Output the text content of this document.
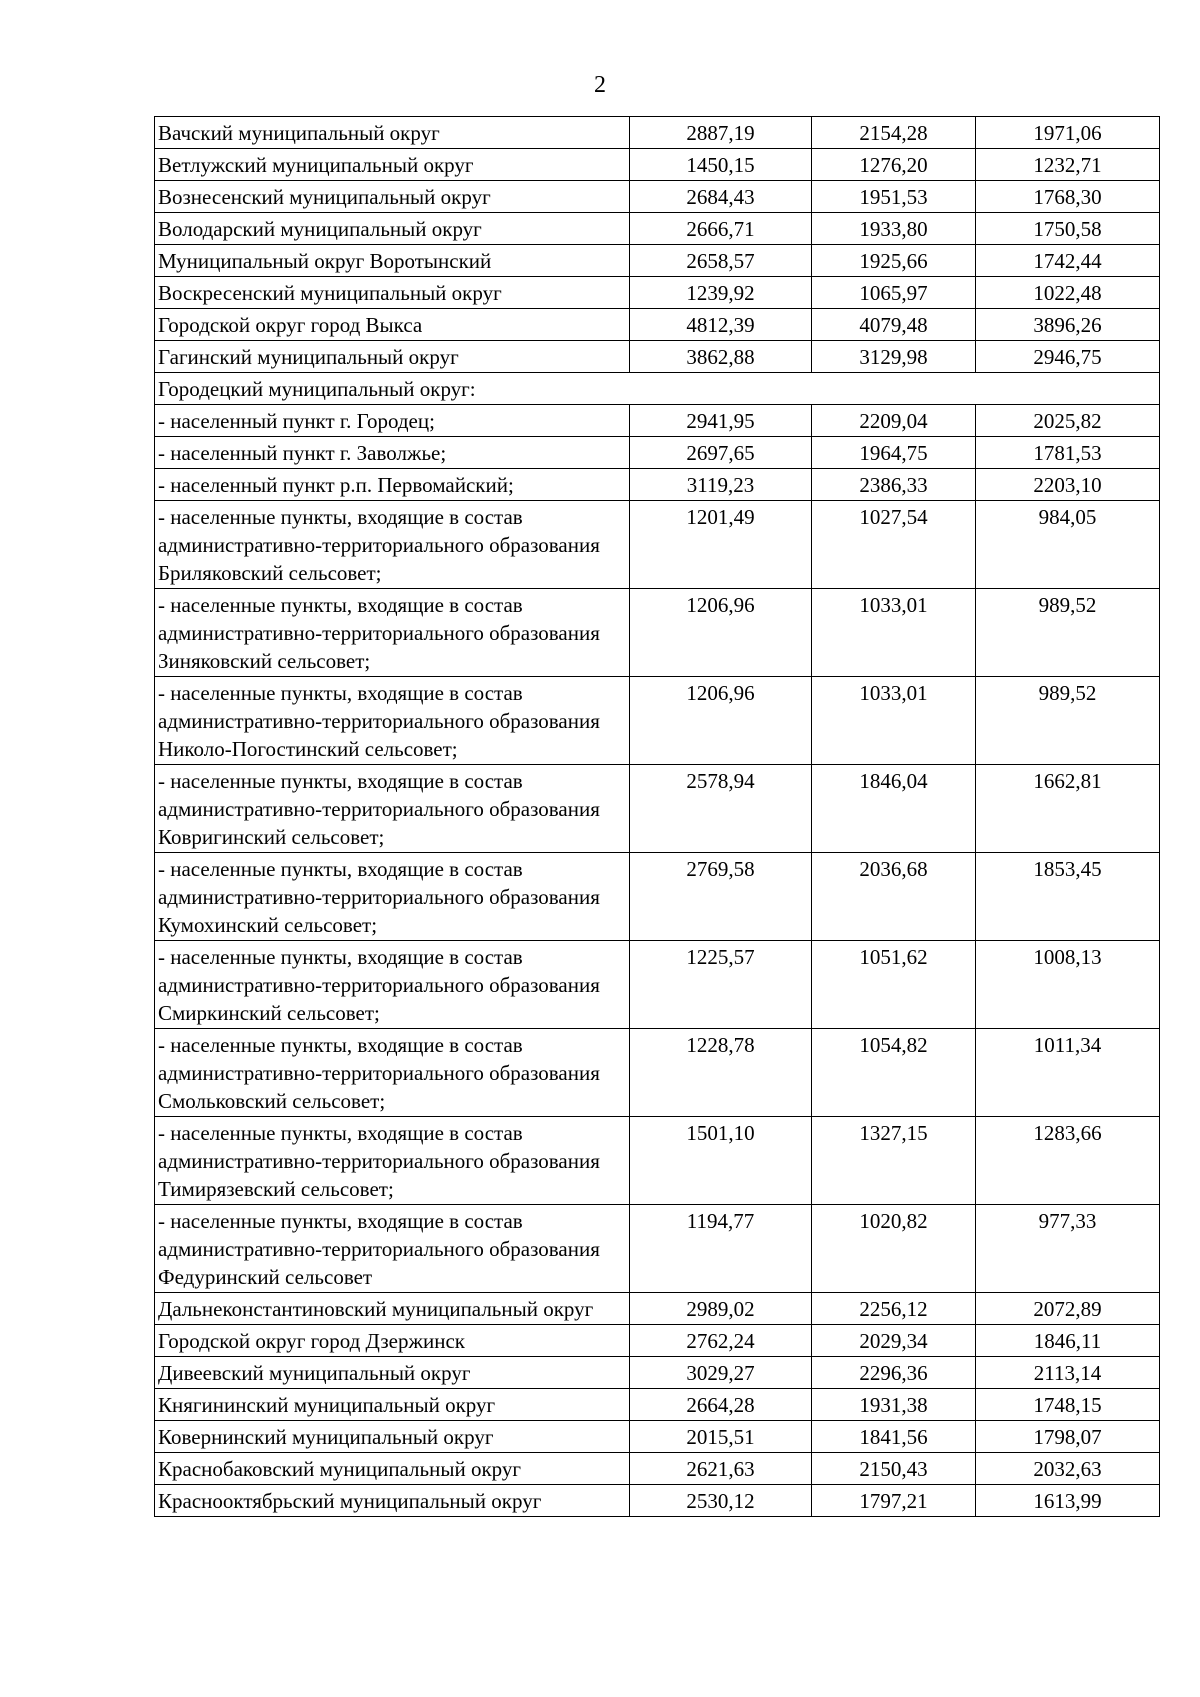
2
Вачский муниципальный округ	2887,19	2154,28	1971,06
Ветлужский муниципальный округ	1450,15	1276,20	1232,71
Вознесенский муниципальный округ	2684,43	1951,53	1768,30
Володарский муниципальный округ	2666,71	1933,80	1750,58
Муниципальный округ Воротынский	2658,57	1925,66	1742,44
Воскресенский муниципальный округ	1239,92	1065,97	1022,48
Городской округ город Выкса	4812,39	4079,48	3896,26
Гагинский муниципальный округ	3862,88	3129,98	2946,75
Городецкий муниципальный округ:			
- населенный пункт г. Городец;	2941,95	2209,04	2025,82
- населенный пункт г. Заволжье;	2697,65	1964,75	1781,53
- населенный пункт р.п. Первомайский;	3119,23	2386,33	2203,10
- населенные пункты, входящие в состав административно-территориального образования Бриляковский сельсовет;	1201,49	1027,54	984,05
- населенные пункты, входящие в состав административно-территориального образования Зиняковский сельсовет;	1206,96	1033,01	989,52
- населенные пункты, входящие в состав административно-территориального образования Николо-Погостинский сельсовет;	1206,96	1033,01	989,52
- населенные пункты, входящие в состав административно-территориального образования Ковригинский сельсовет;	2578,94	1846,04	1662,81
- населенные пункты, входящие в состав административно-территориального образования Кумохинский сельсовет;	2769,58	2036,68	1853,45
- населенные пункты, входящие в состав административно-территориального образования Смиркинский сельсовет;	1225,57	1051,62	1008,13
- населенные пункты, входящие в состав административно-территориального образования Смольковский сельсовет;	1228,78	1054,82	1011,34
- населенные пункты, входящие в состав административно-территориального образования Тимирязевский сельсовет;	1501,10	1327,15	1283,66
- населенные пункты, входящие в состав административно-территориального образования Федуринский сельсовет	1194,77	1020,82	977,33
Дальнеконстантиновский муниципальный округ	2989,02	2256,12	2072,89
Городской округ город Дзержинск	2762,24	2029,34	1846,11
Дивеевский муниципальный округ	3029,27	2296,36	2113,14
Княгининский муниципальный округ	2664,28	1931,38	1748,15
Ковернинский муниципальный округ	2015,51	1841,56	1798,07
Краснобаковский муниципальный округ	2621,63	2150,43	2032,63
Краснооктябрьский муниципальный округ	2530,12	1797,21	1613,99
